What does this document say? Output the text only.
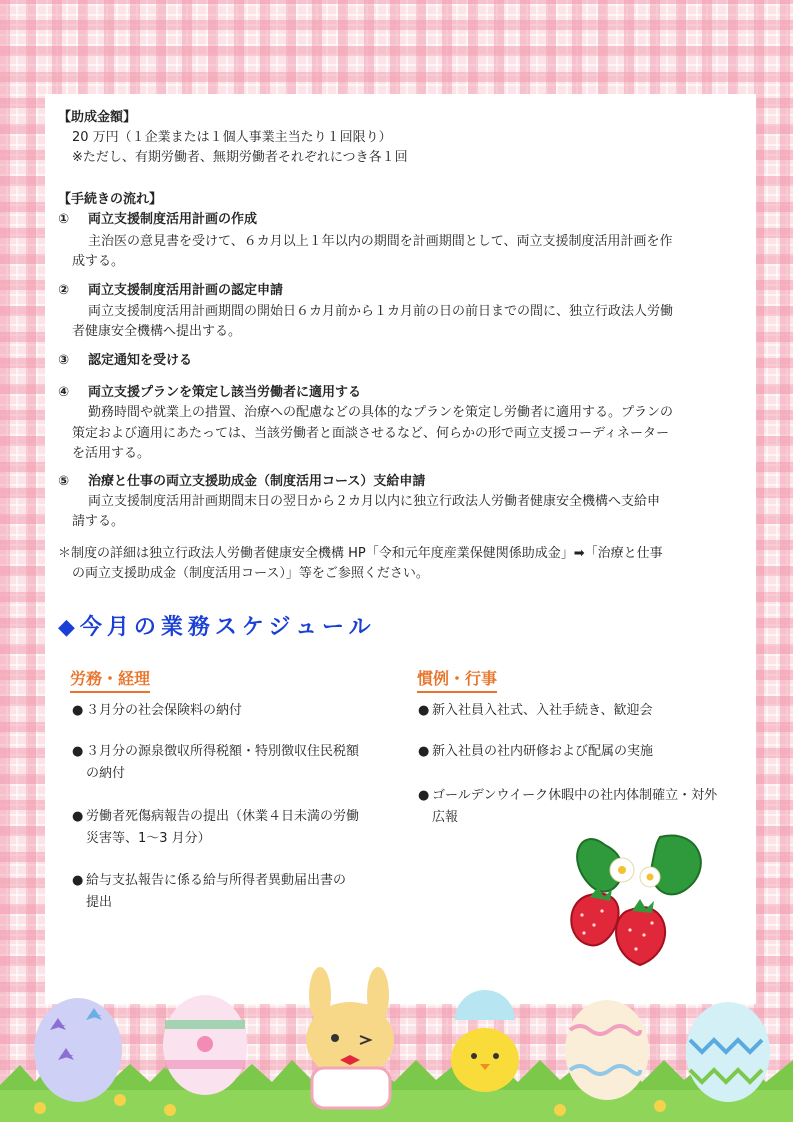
【助成金額】
20 万円（１企業または１個人事業主当たり１回限り）
※ただし、有期労働者、無期労働者それぞれにつき各１回
【手続きの流れ】
① 両立支援制度活用計画の作成
主治医の意見書を受けて、６カ月以上１年以内の期間を計画期間として、両立支援制度活用計画を作
成する。
② 両立支援制度活用計画の認定申請
両立支援制度活用計画期間の開始日６カ月前から１カ月前の日の前日までの間に、独立行政法人労働
者健康安全機構へ提出する。
③ 認定通知を受ける
④ 両立支援プランを策定し該当労働者に適用する
勤務時間や就業上の措置、治療への配慮などの具体的なプランを策定し労働者に適用する。プランの
策定および適用にあたっては、当該労働者と面談させるなど、何らかの形で両立支援コーディネーター
を活用する。
⑤ 治療と仕事の両立支援助成金（制度活用コース）支給申請
両立支援制度活用計画期間末日の翌日から２カ月以内に独立行政法人労働者健康安全機構へ支給申
請する。
＊制度の詳細は独立行政法人労働者健康安全機構 HP「令和元年度産業保健関係助成金」➡「治療と仕事
の両立支援助成金（制度活用コース）」等をご参照ください。
◆今月の業務スケジュール
労務・経理
● ３月分の社会保険料の納付
● ３月分の源泉徴収所得税額・特別徴収住民税額
の納付
● 労働者死傷病報告の提出（休業４日未満の労働
災害等、1～3 月分）
● 給与支払報告に係る給与所得者異動届出書の
提出
慣例・行事
● 新入社員入社式、入社手続き、歓迎会
● 新入社員の社内研修および配属の実施
● ゴールデンウイーク休暇中の社内体制確立・対外
広報
